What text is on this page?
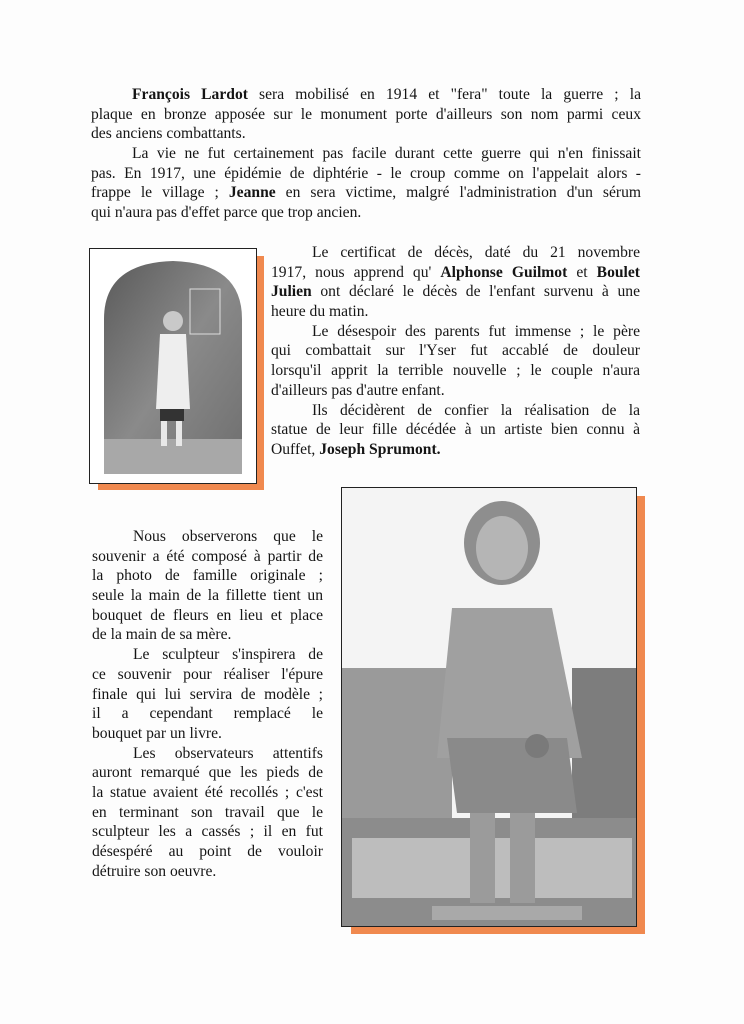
François Lardot sera mobilisé en 1914 et "fera" toute la guerre ; la
plaque en bronze apposée sur le monument porte d'ailleurs son nom parmi ceux
des anciens combattants.
La vie ne fut certainement pas facile durant cette guerre qui n'en finissait
pas. En 1917, une épidémie de diphtérie - le croup comme on l'appelait alors -
frappe le village ; Jeanne en sera victime, malgré l'administration d'un sérum
qui n'aura pas d'effet parce que trop ancien.
Le certificat de décès, daté du 21 novembre
1917, nous apprend qu' Alphonse Guilmot et Boulet
Julien ont déclaré le décès de l'enfant survenu à une
heure du matin.
Le désespoir des parents fut immense ; le père
qui combattait sur l'Yser fut accablé de douleur
lorsqu'il apprit la terrible nouvelle ; le couple n'aura
d'ailleurs pas d'autre enfant.
Ils décidèrent de confier la réalisation de la
statue de leur fille décédée à un artiste bien connu à
Ouffet, Joseph Sprumont.
Nous observerons que le
souvenir a été composé à partir de
la photo de famille originale ;
seule la main de la fillette tient un
bouquet de fleurs en lieu et place
de la main de sa mère.
Le sculpteur s'inspirera de
ce souvenir pour réaliser l'épure
finale qui lui servira de modèle ;
il a cependant remplacé le
bouquet par un livre.
Les observateurs attentifs
auront remarqué que les pieds de
la statue avaient été recollés ; c'est
en terminant son travail que le
sculpteur les a cassés ; il en fut
désespéré au point de vouloir
détruire son oeuvre.
